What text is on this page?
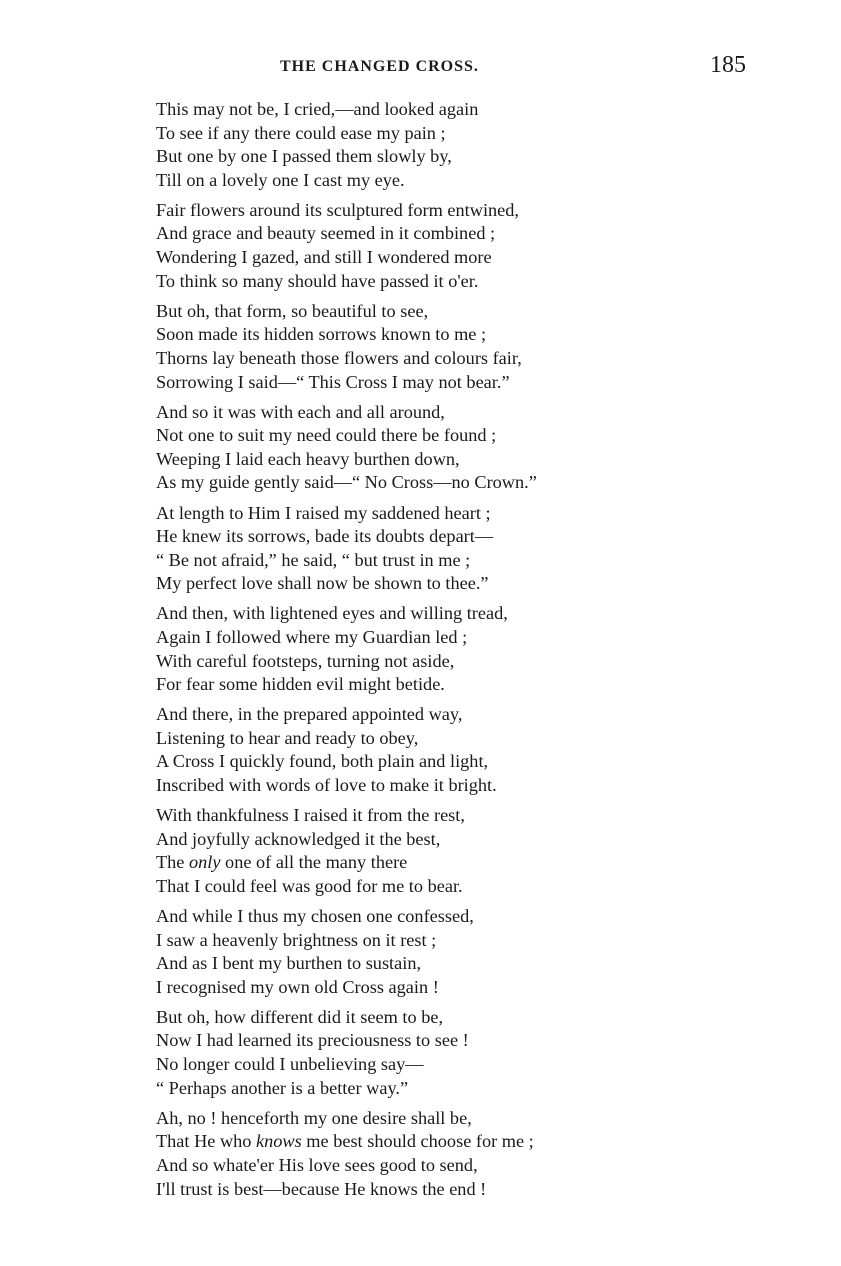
THE CHANGED CROSS.	185
This may not be, I cried,—and looked again
To see if any there could ease my pain ;
But one by one I passed them slowly by,
Till on a lovely one I cast my eye.
Fair flowers around its sculptured form entwined,
And grace and beauty seemed in it combined ;
Wondering I gazed, and still I wondered more
To think so many should have passed it o'er.
But oh, that form, so beautiful to see,
Soon made its hidden sorrows known to me ;
Thorns lay beneath those flowers and colours fair,
Sorrowing I said—“ This Cross I may not bear.”
And so it was with each and all around,
Not one to suit my need could there be found ;
Weeping I laid each heavy burthen down,
As my guide gently said—“ No Cross—no Crown.”
At length to Him I raised my saddened heart ;
He knew its sorrows, bade its doubts depart—
“ Be not afraid,” he said, “ but trust in me ;
My perfect love shall now be shown to thee.”
And then, with lightened eyes and willing tread,
Again I followed where my Guardian led ;
With careful footsteps, turning not aside,
For fear some hidden evil might betide.
And there, in the prepared appointed way,
Listening to hear and ready to obey,
A Cross I quickly found, both plain and light,
Inscribed with words of love to make it bright.
With thankfulness I raised it from the rest,
And joyfully acknowledged it the best,
The only one of all the many there
That I could feel was good for me to bear.
And while I thus my chosen one confessed,
I saw a heavenly brightness on it rest ;
And as I bent my burthen to sustain,
I recognised my own old Cross again !
But oh, how different did it seem to be,
Now I had learned its preciousness to see !
No longer could I unbelieving say—
“ Perhaps another is a better way.”
Ah, no ! henceforth my one desire shall be,
That He who knows me best should choose for me ;
And so whate'er His love sees good to send,
I'll trust is best—because He knows the end !
